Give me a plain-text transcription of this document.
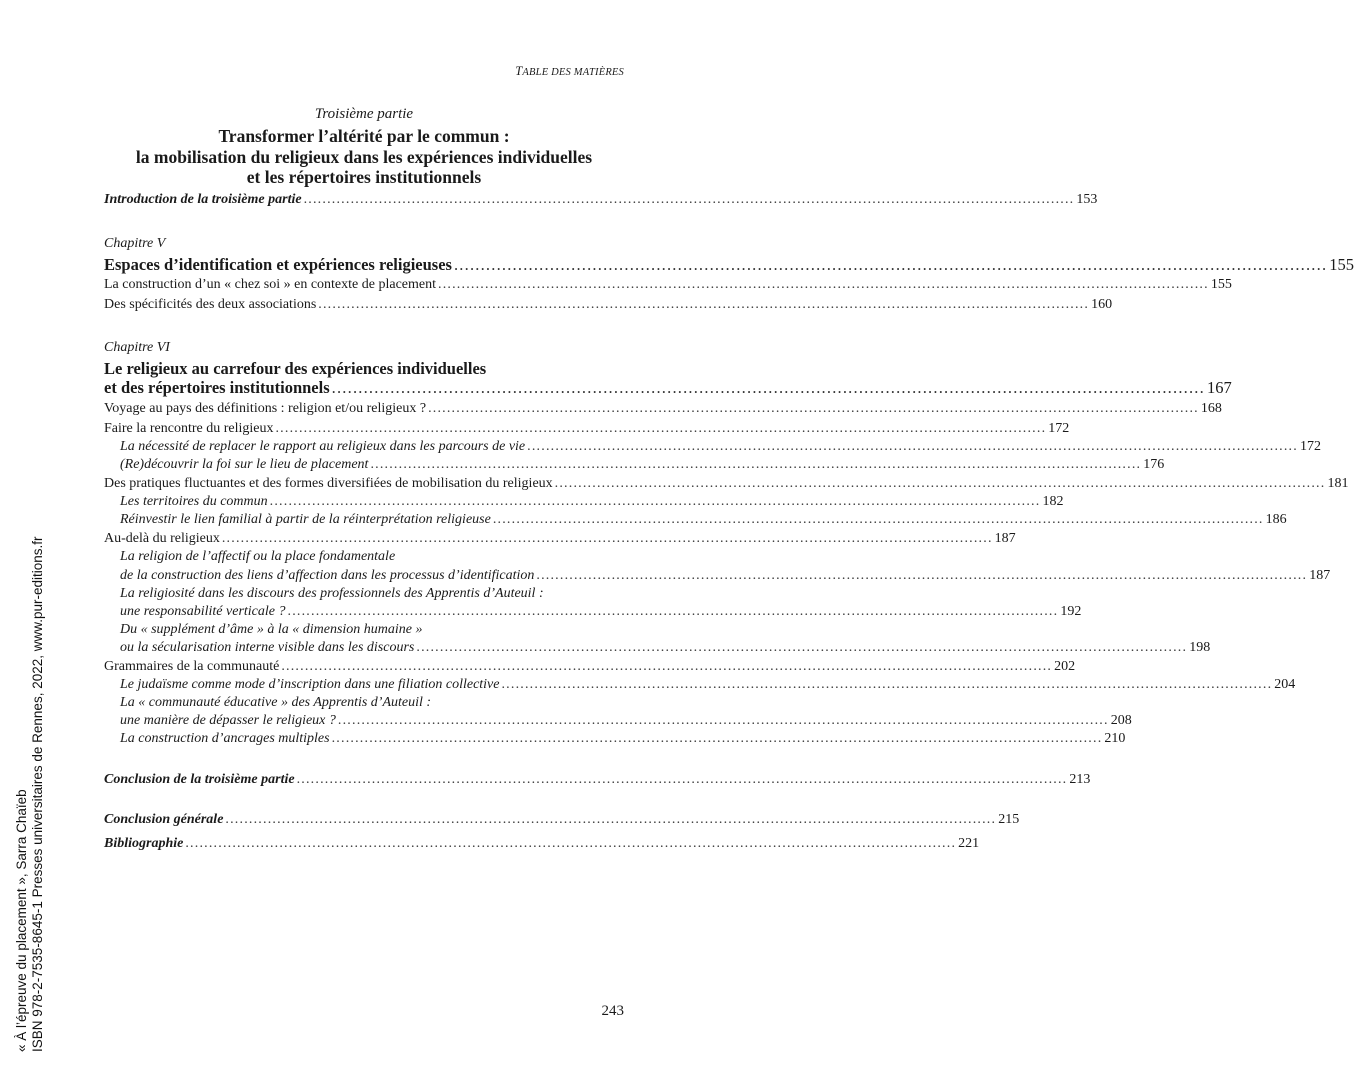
TABLE DES MATIÈRES
Troisième partie
Transformer l’altérité par le commun :
la mobilisation du religieux dans les expériences individuelles
et les répertoires institutionnels
Introduction de la troisième partie .................................................................................................................................................................... 153
Chapitre V
Espaces d’identification et expériences religieuses .................................................................................................................................................................... 155
La construction d’un « chez soi » en contexte de placement .................................................................................................................................................................... 155
Des spécificités des deux associations .................................................................................................................................................................... 160
Chapitre VI
Le religieux au carrefour des expériences individuelles
et des répertoires institutionnels .................................................................................................................................................................... 167
Voyage au pays des définitions : religion et/ou religieux ? .................................................................................................................................................................... 168
Faire la rencontre du religieux .................................................................................................................................................................... 172
La nécessité de replacer le rapport au religieux dans les parcours de vie .................................................................................................................................................................... 172
(Re)découvrir la foi sur le lieu de placement .................................................................................................................................................................... 176
Des pratiques fluctuantes et des formes diversifiées de mobilisation du religieux .................................................................................................................................................................... 181
Les territoires du commun .................................................................................................................................................................... 182
Réinvestir le lien familial à partir de la réinterprétation religieuse .................................................................................................................................................................... 186
Au-delà du religieux .................................................................................................................................................................... 187
La religion de l’affectif ou la place fondamentale
de la construction des liens d’affection dans les processus d’identification .................................................................................................................................................................... 187
La religiosité dans les discours des professionnels des Apprentis d’Auteuil :
une responsabilité verticale ? .................................................................................................................................................................... 192
Du « supplément d’âme » à la « dimension humaine »
ou la sécularisation interne visible dans les discours .................................................................................................................................................................... 198
Grammaires de la communauté .................................................................................................................................................................... 202
Le judaïsme comme mode d’inscription dans une filiation collective .................................................................................................................................................................... 204
La « communauté éducative » des Apprentis d’Auteuil :
une manière de dépasser le religieux ? .................................................................................................................................................................... 208
La construction d’ancrages multiples .................................................................................................................................................................... 210
Conclusion de la troisième partie .................................................................................................................................................................... 213
Conclusion générale .................................................................................................................................................................... 215
Bibliographie .................................................................................................................................................................... 221
243
« À l’épreuve du placement », Sarra Chaïeb ISBN 978-2-7535-8645-1 Presses universitaires de Rennes, 2022, www.pur-editions.fr
